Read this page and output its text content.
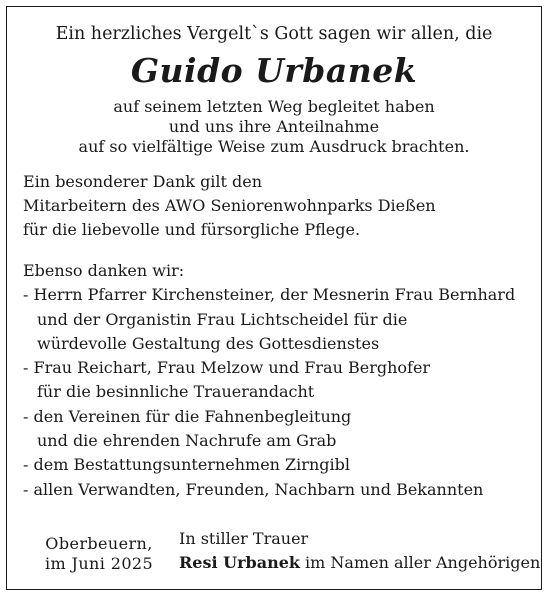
Ein herzliches Vergelt`s Gott sagen wir allen, die
Guido Urbanek
auf seinem letzten Weg begleitet haben
und uns ihre Anteilnahme
auf so vielfältige Weise zum Ausdruck brachten.
Ein besonderer Dank gilt den
Mitarbeitern des AWO Seniorenwohnparks Dießen
für die liebevolle und fürsorgliche Pflege.
Ebenso danken wir:
- Herrn Pfarrer Kirchensteiner, der Mesnerin Frau Bernhard
und der Organistin Frau Lichtscheidel für die
würdevolle Gestaltung des Gottesdienstes
- Frau Reichart, Frau Melzow und Frau Berghofer
für die besinnliche Trauerandacht
- den Vereinen für die Fahnenbegleitung
und die ehrenden Nachrufe am Grab
- dem Bestattungsunternehmen Zirngibl
- allen Verwandten, Freunden, Nachbarn und Bekannten
Oberbeuern,
im Juni 2025
In stiller Trauer
Resi Urbanek im Namen aller Angehörigen
